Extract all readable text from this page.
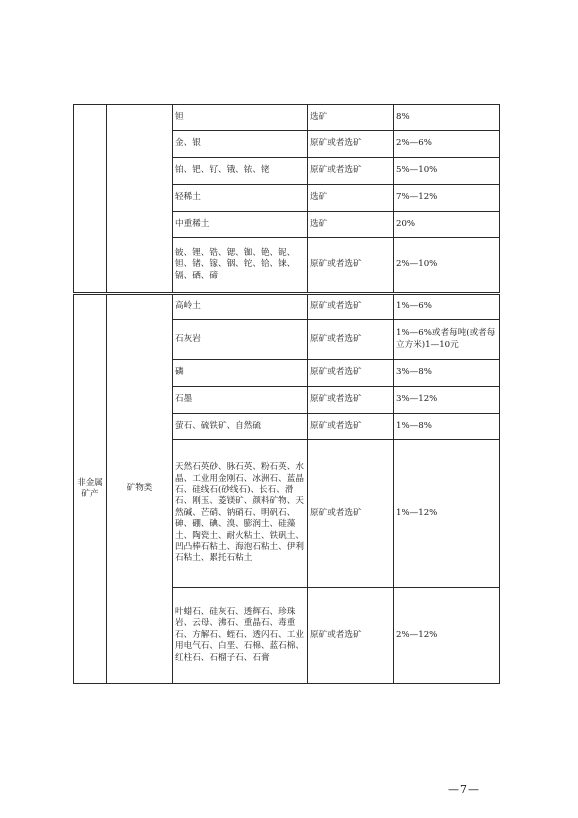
		钽	选矿	8%
		金、银	原矿或者选矿	2%—6%
		铂、钯、钌、锇、铱、铑	原矿或者选矿	5%—10%
		轻稀土	选矿	7%—12%
		中重稀土	选矿	20%
		铍、锂、锆、锶、铷、铯、铌、钽、锗、镓、铟、铊、铪、铼、镉、硒、碲	原矿或者选矿	2%—10%
非金属矿产	矿物类	高岭土	原矿或者选矿	1%—6%
		石灰岩	原矿或者选矿	1%—6%或者每吨(或者每立方米)1—10元
		磷	原矿或者选矿	3%—8%
		石墨	原矿或者选矿	3%—12%
		萤石、硫铁矿、自然硫	原矿或者选矿	1%—8%
		天然石英砂、脉石英、粉石英、水晶、工业用金刚石、冰洲石、蓝晶石、硅线石(砂线石)、长石、滑石、刚玉、菱镁矿、颜料矿物、天然碱、芒硝、钠硝石、明矾石、砷、硼、碘、溴、膨润土、硅藻土、陶瓷土、耐火粘土、铁矾土、凹凸棒石粘土、海泡石粘土、伊利石粘土、累托石粘土	原矿或者选矿	1%—12%
		叶蜡石、硅灰石、透辉石、珍珠岩、云母、沸石、重晶石、毒重石、方解石、蛭石、透闪石、工业用电气石、白垩、石棉、蓝石棉、红柱石、石榴子石、石膏	原矿或者选矿	2%—12%
—7—
